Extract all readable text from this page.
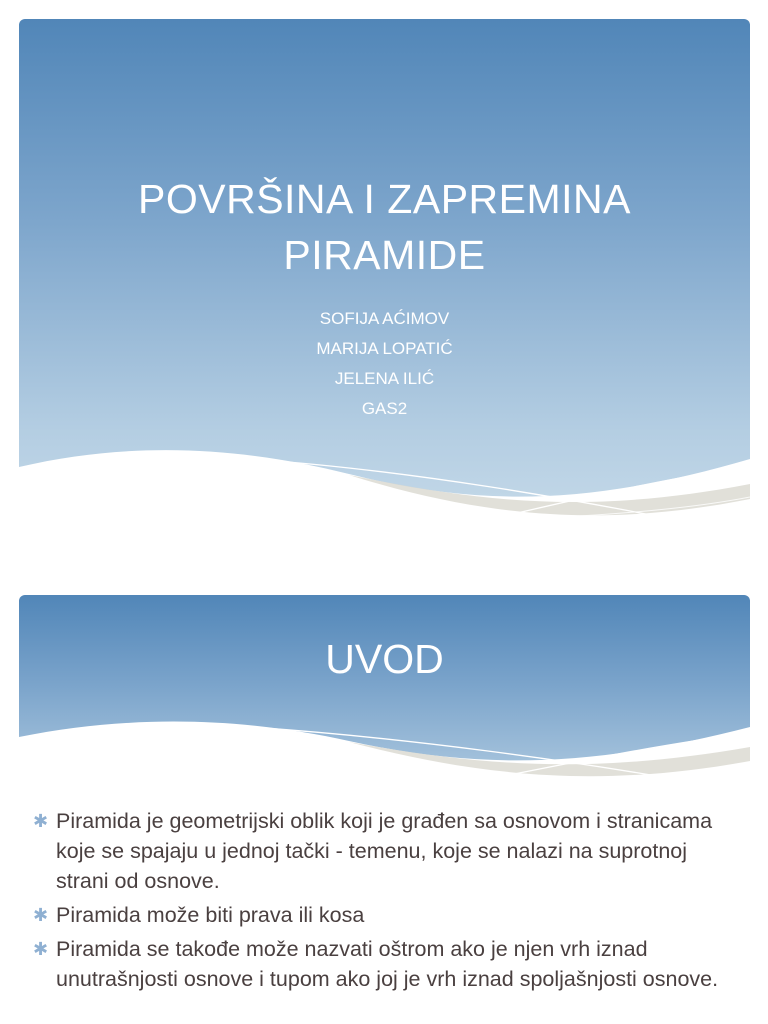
POVRŠINA I ZAPREMINA
PIRAMIDE
SOFIJA AĆIMOV
MARIJA LOPATIĆ
JELENA ILIĆ
GAS2
UVOD
✱ Piramida je geometrijski oblik koji je građen sa osnovom i stranicama koje se spajaju u jednoj tački - temenu, koje se nalazi na suprotnoj strani od osnove.
✱ Piramida može biti prava ili kosa
✱ Piramida se takođe može nazvati oštrom ako je njen vrh iznad unutrašnjosti osnove i tupom ako joj je vrh iznad spoljašnjosti osnove.
